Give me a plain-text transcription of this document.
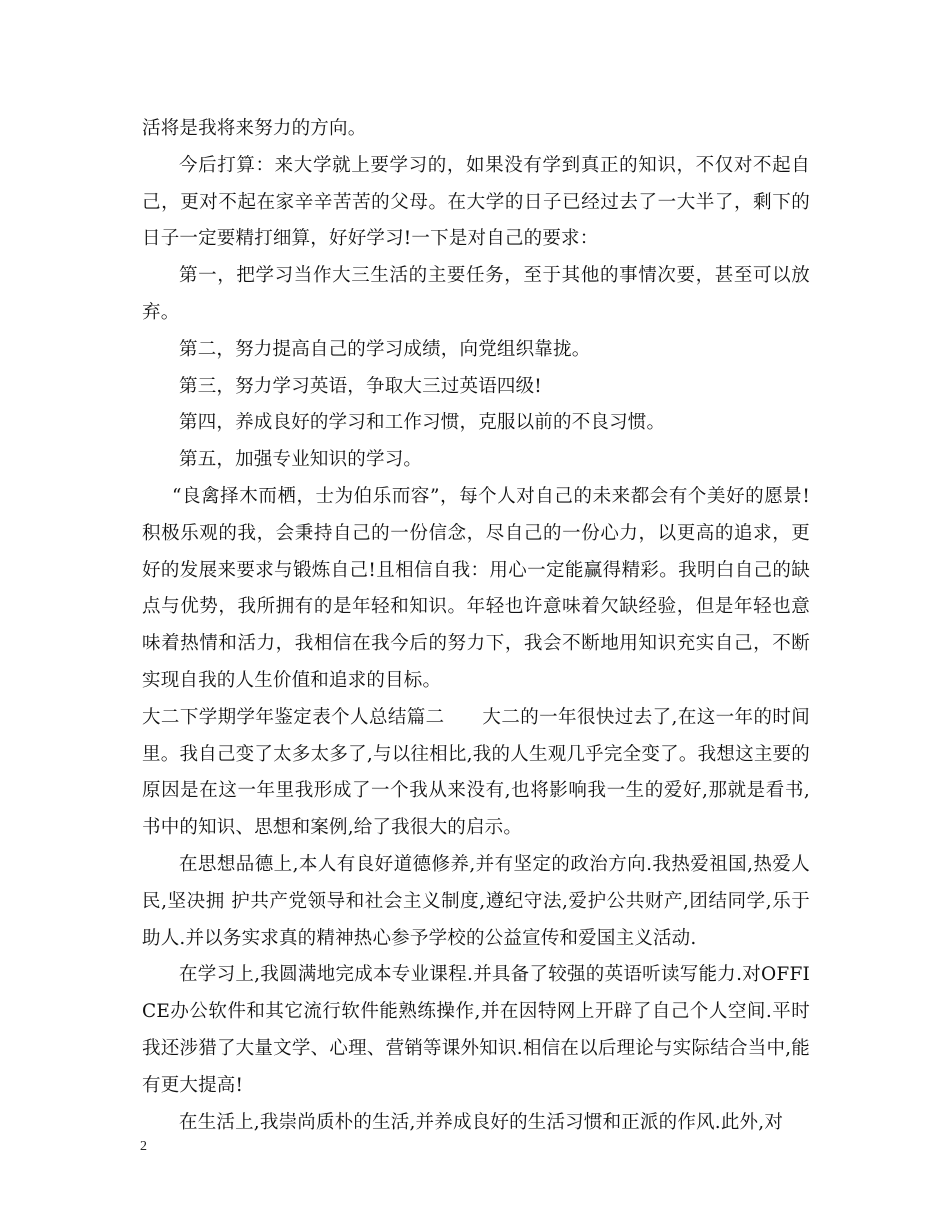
活将是我将来努力的方向。

今后打算：来大学就上要学习的，如果没有学到真正的知识，不仅对不起自己，更对不起在家辛辛苦苦的父母。在大学的日子已经过去了一大半了，剩下的日子一定要精打细算，好好学习!一下是对自己的要求：

第一，把学习当作大三生活的主要任务，至于其他的事情次要，甚至可以放弃。

第二，努力提高自己的学习成绩，向党组织靠拢。

第三，努力学习英语，争取大三过英语四级!

第四，养成良好的学习和工作习惯，克服以前的不良习惯。

第五，加强专业知识的学习。

“良禽择木而栖，士为伯乐而容”，每个人对自己的未来都会有个美好的愿景!积极乐观的我，会秉持自己的一份信念，尽自己的一份心力，以更高的追求，更好的发展来要求与锻炼自己!且相信自我：用心一定能赢得精彩。我明白自己的缺点与优势，我所拥有的是年轻和知识。年轻也许意味着欠缺经验，但是年轻也意味着热情和活力，我相信在我今后的努力下，我会不断地用知识充实自己，不断实现自我的人生价值和追求的目标。

大二下学期学年鉴定表个人总结篇二　　大二的一年很快过去了,在这一年的时间里。我自己变了太多太多了,与以往相比,我的人生观几乎完全变了。我想这主要的原因是在这一年里我形成了一个我从来没有,也将影响我一生的爱好,那就是看书,书中的知识、思想和案例,给了我很大的启示。

在思想品德上,本人有良好道德修养,并有坚定的政治方向.我热爱祖国,热爱人民,坚决拥 护共产党领导和社会主义制度,遵纪守法,爱护公共财产,团结同学,乐于助人.并以务实求真的精神热心参予学校的公益宣传和爱国主义活动.

在学习上,我圆满地完成本专业课程.并具备了较强的英语听读写能力.对OFFICE办公软件和其它流行软件能熟练操作,并在因特网上开辟了自己个人空间.平时我还涉猎了大量文学、心理、营销等课外知识.相信在以后理论与实际结合当中,能有更大提高!

在生活上,我崇尚质朴的生活,并养成良好的生活习惯和正派的作风.此外,对

2
